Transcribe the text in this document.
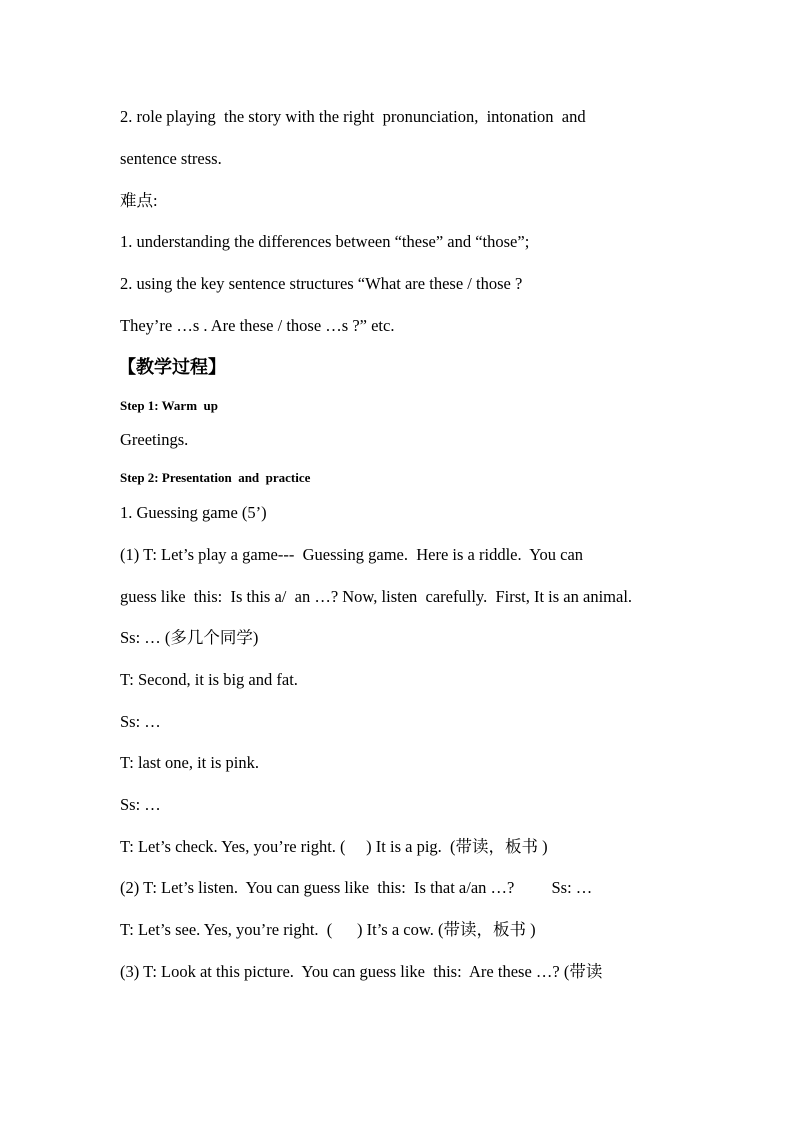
2. role playing  the story with the right  pronunciation,  intonation  and
sentence stress.
难点:
1. understanding the differences between “these” and “those”;
2. using the key sentence structures “What are these / those ?
They’re …s . Are these / those …s ?” etc.
【教学过程】
Step 1: Warm  up
Greetings.
Step 2: Presentation  and  practice
1. Guessing game (5’)
(1) T: Let’s play a game---  Guessing game.  Here is a riddle.  You can
guess like  this:  Is this a/  an …? Now, listen  carefully.  First, It is an animal.
Ss: … (多几个同学)
T: Second, it is big and fat.
Ss: …
T: last one, it is pink.
Ss: …
T: Let’s check. Yes, you’re right. (     ) It is a pig.  (带读，板书 )
(2) T: Let’s listen.  You can guess like  this:  Is that a/an …?         Ss: …
T: Let’s see. Yes, you’re right.  (      ) It’s a cow. (带读，板书 )
(3) T: Look at this picture.  You can guess like  this:  Are these …? (带读
